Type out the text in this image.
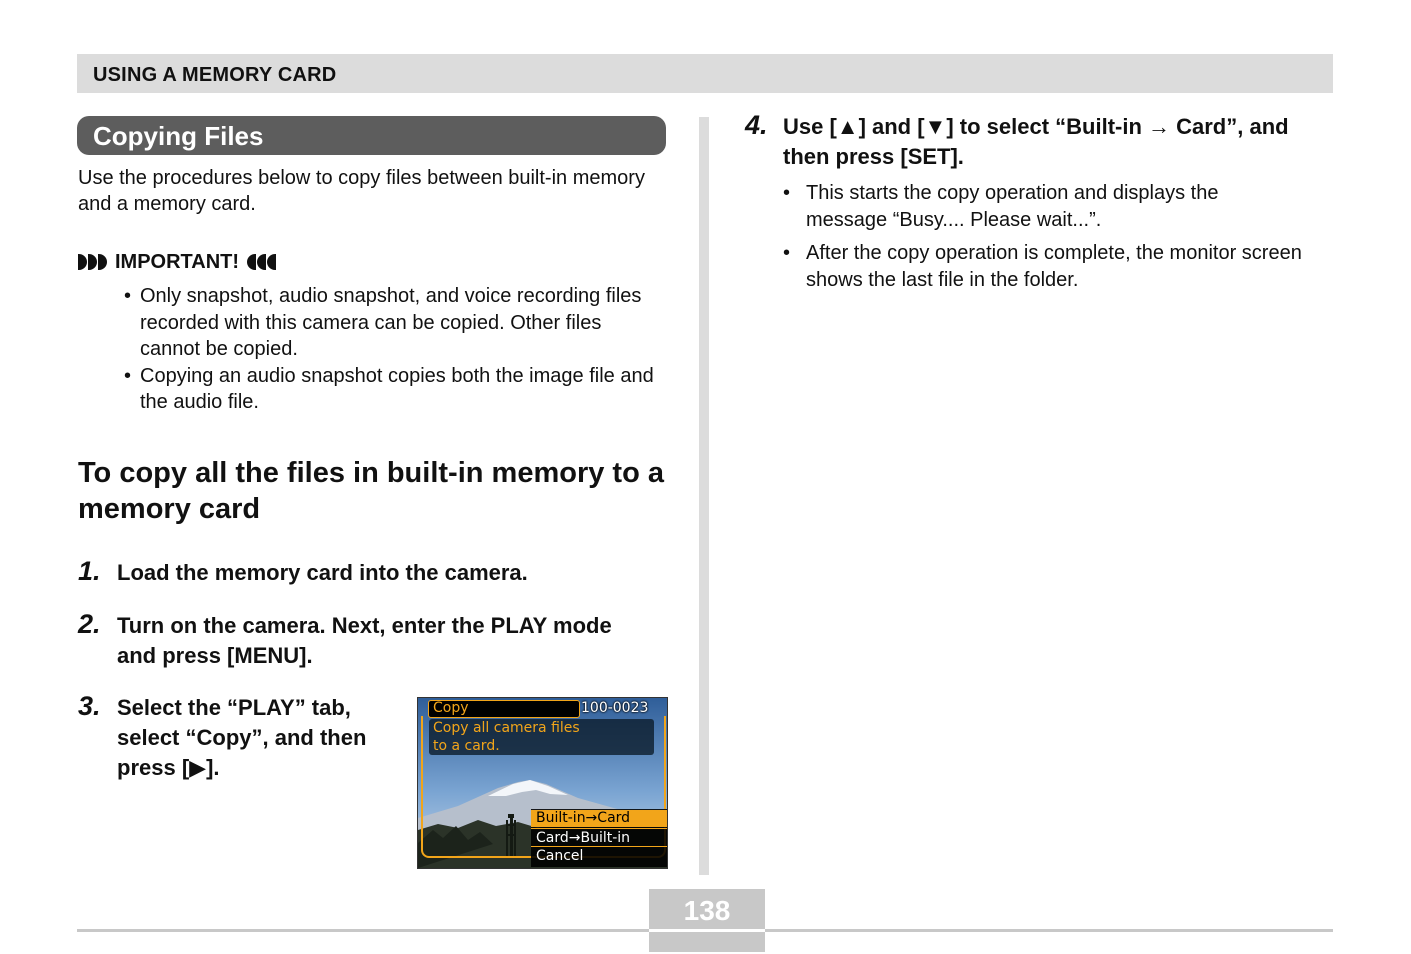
USING A MEMORY CARD
Copying Files
Use the procedures below to copy files between built-in memory and a memory card.
IMPORTANT!
• Only snapshot, audio snapshot, and voice recording files recorded with this camera can be copied. Other files cannot be copied.
• Copying an audio snapshot copies both the image file and the audio file.
To copy all the files in built-in memory to a memory card
1. Load the memory card into the camera.
2. Turn on the camera. Next, enter the PLAY mode and press [MENU].
3. Select the “PLAY” tab, select “Copy”, and then press [▶].
Copy	100-0023
Copy all camera files
to a card.
Built-in→Card
Card→Built-in
Cancel
4. Use [▲] and [▼] to select “Built-in → Card”, and then press [SET].
• This starts the copy operation and displays the message “Busy.... Please wait...”.
• After the copy operation is complete, the monitor screen shows the last file in the folder.
138
